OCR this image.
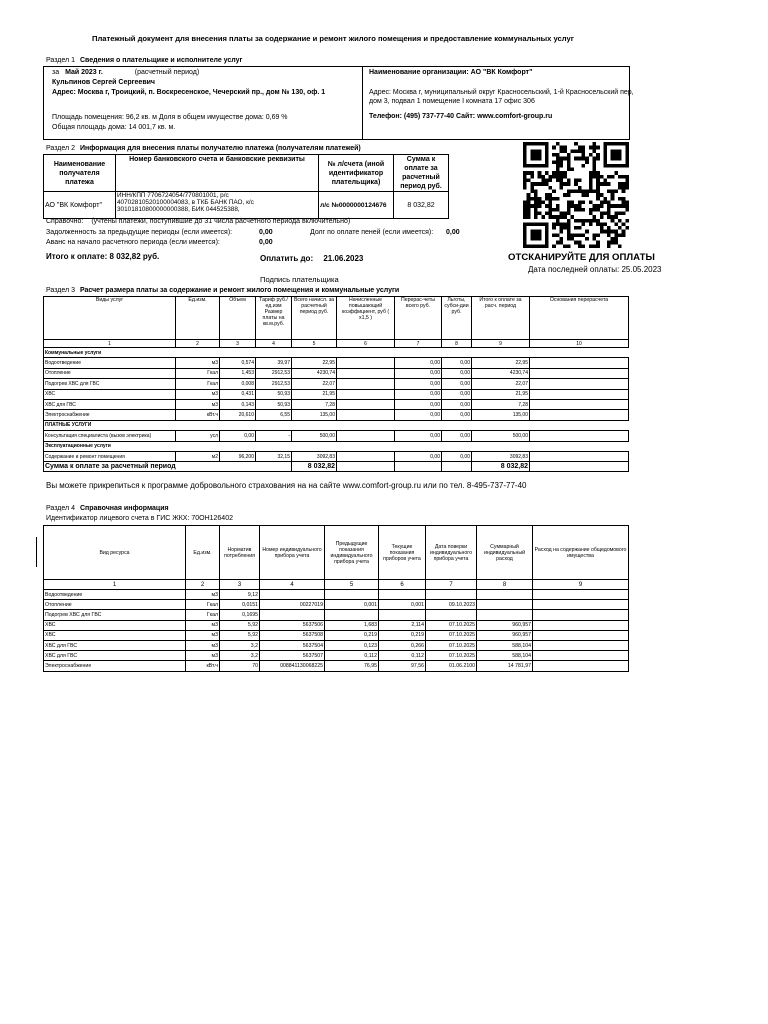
Платежный документ для внесения платы за содержание и ремонт жилого помещения и предоставление коммунальных услуг
Раздел 1 Сведения о плательщике и исполнителе услуг
за Май 2023 г.	(расчетный период)
Кульпинов Сергей Сергеевич
Адрес: Москва г, Троицкий, п. Воскресенское, Чечерский пр., дом № 130, оф. 1
Площадь помещения: 96,2 кв. м Доля в общем имуществе дома: 0,69 %
Общая площадь дома: 14 001,7 кв. м.
Наименование организации: АО "ВК Комфорт"
Адрес: Москва г, муниципальный округ Красносельский, 1-й Красносельский пер,
дом 3, подвал 1 помещение I комната 17 офис 306
Телефон: (495) 737-77-40 Сайт: www.comfort-group.ru
Раздел 2 Информация для внесения платы получателю платежа (получателям платежей)
Наименование получателя платежа	Номер банковского счета и банковские реквизиты	№ л/счета (иной идентификатор плательщика)	Сумма к оплате за расчетный период руб.
АО "ВК Комфорт"	ИНН/КПП 7706724054/770801001, р/с
40702810520100004083, в ТКБ БАНК ПАО, к/с
30101810800000000388, БИК 044525388,	л/с №0000000124676	8 032,82
Справочно: (учтены платежи, поступившие до 31 числа расчетного периода включительно)
Задолженность за предыдущие периоды (если имеется):	0,00	Долг по оплате пеней (если имеется): 0,00
Аванс на начало расчетного периода (если имеется):	0,00
Итого к оплате: 8 032,82 руб.	Оплатить до: 21.06.2023
Подпись плательщика
ОТСКАНИРУЙТЕ ДЛЯ ОПЛАТЫ
Дата последней оплаты: 25.05.2023
Раздел 3 Расчет размера платы за содержание и ремонт жилого помещения и коммунальные услуги
Виды услуг	Ед.изм.	Объем	Тариф руб./ед.изм Размер платы на кв.м.руб.	Всего начисл. за расчетный период руб.	Начисленные повышающий коэффициент, руб ( x1,5 )	Перерас-четы всего руб.	Льготы, субси-дии руб.	Итого к оплате за расч. период	Основания перерасчета
1	2	3	4	5	6	7	8	9	10
Коммунальные услуги									
Водоотведение	м3	0,574	39,97	22,95		0,00	0,00	22,95	
Отопление	Гкал	1,453	2912,53	4230,74		0,00	0,00	4230,74	
Подогрев ХВС для ГВС	Гкал	0,008	2912,53	22,07		0,00	0,00	22,07	
ХВС	м3	0,431	50,93	21,95		0,00	0,00	21,95	
ХВС для ГВС	м3	0,143	50,93	7,28		0,00	0,00	7,28	
Электроснабжение	кВт.ч	20,610	6,55	135,00		0,00	0,00	135,00	
ПЛАТНЫЕ УСЛУГИ									
Консультация специалиста (вызов электрика)	усл	0,00	-	500,00		0,00	0,00	500,00	
Эксплуатационные услуги									
Содержание и ремонт помещения	м2	96,200	32,15	3092,83		0,00	0,00	3092,83	
Сумма к оплате за расчетный период				8 032,82				8 032,82	
Вы можете прикрепиться к программе добровольного страхования на на сайте www.comfort-group.ru или по тел. 8-495-737-77-40
Раздел 4 Справочная информация
Идентификатор лицевого счета в ГИС ЖКХ: 70ОН126402
Вид ресурса	Ед.изм.	Норматив потребления	Номер индивидуального прибора учета	Предыдущие показания индивидуального прибора учета	Текущие показания приборов учета	Дата поверки индивидуального прибора учета	Суммарный индивидуальный расход	Расход на содержание общедомового имущества
1	2	3	4	5	6	7	8	9
Водоотведение	м3	9,12						
Отопление	Гкал	0,0151	00227019	0,001	0,001	09.10.2023		
Подогрев ХВС для ГВС	Гкал	0,1695						
ХВС	м3	5,92	5637506	1,683	2,114	07.10.2025	960,957	
ХВС	м3	5,92	5637508	0,219	0,219	07.10.2025	960,957	
ХВС для ГВС	м3	3,2	5637504	0,123	0,266	07.10.2025	588,104	
ХВС для ГВС	м3	3,2	5637507	0,112	0,112	07.10.2025	588,104	
Электроснабжение	кВт.ч	70	008841130068225	76,95	97,56	01.06.2100	14 781,97	
